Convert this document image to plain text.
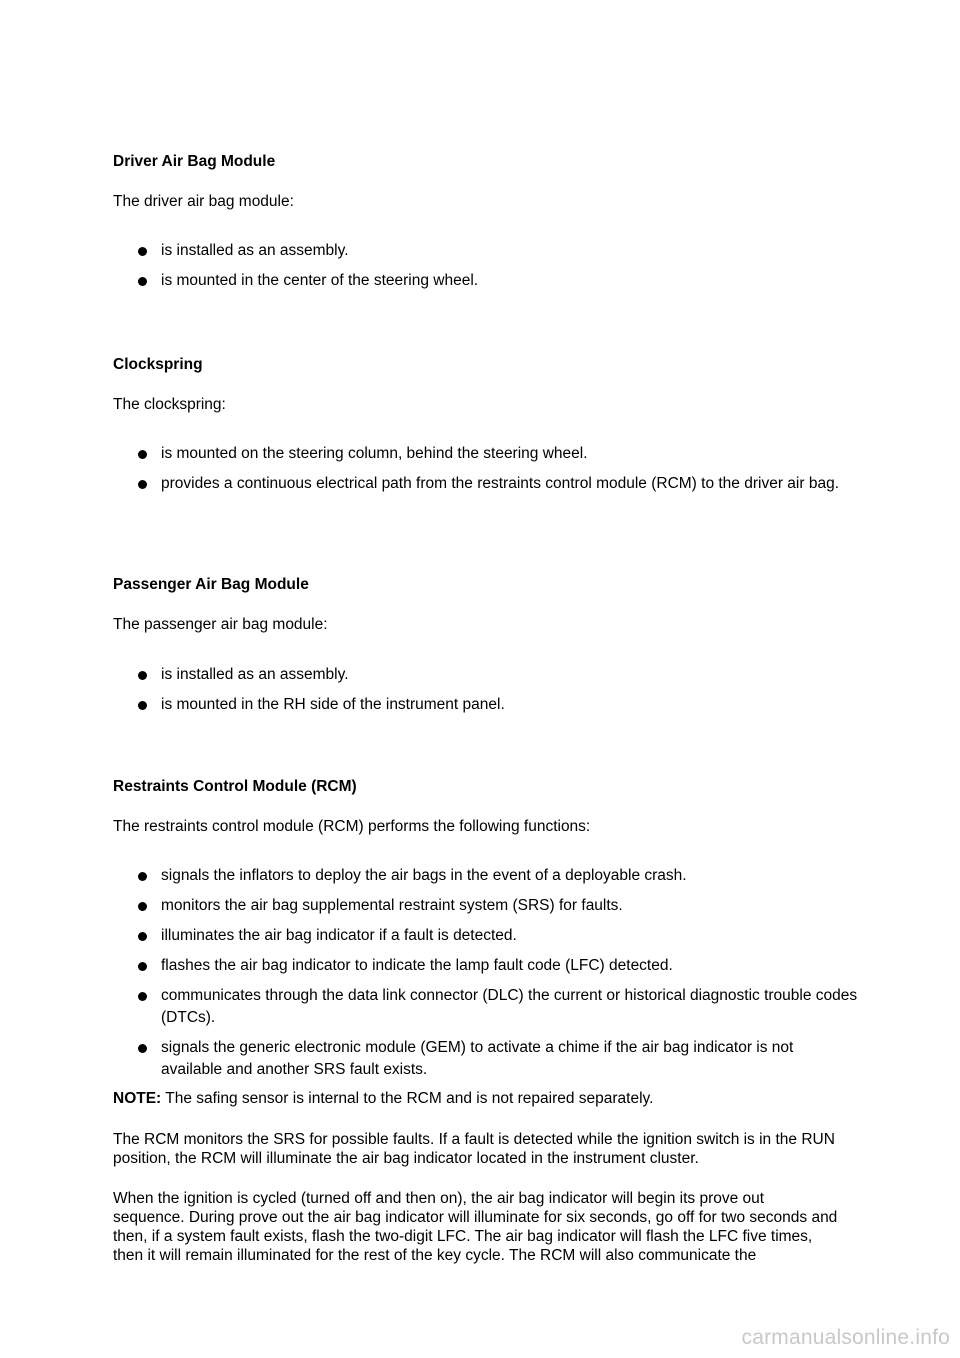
Driver Air Bag Module
The driver air bag module:
is installed as an assembly.
is mounted in the center of the steering wheel.
Clockspring
The clockspring:
is mounted on the steering column, behind the steering wheel.
provides a continuous electrical path from the restraints control module (RCM) to the driver air bag.
Passenger Air Bag Module
The passenger air bag module:
is installed as an assembly.
is mounted in the RH side of the instrument panel.
Restraints Control Module (RCM)
The restraints control module (RCM) performs the following functions:
signals the inflators to deploy the air bags in the event of a deployable crash.
monitors the air bag supplemental restraint system (SRS) for faults.
illuminates the air bag indicator if a fault is detected.
flashes the air bag indicator to indicate the lamp fault code (LFC) detected.
communicates through the data link connector (DLC) the current or historical diagnostic trouble codes (DTCs).
signals the generic electronic module (GEM) to activate a chime if the air bag indicator is not available and another SRS fault exists.
NOTE: The safing sensor is internal to the RCM and is not repaired separately.
The RCM monitors the SRS for possible faults. If a fault is detected while the ignition switch is in the RUN position, the RCM will illuminate the air bag indicator located in the instrument cluster.
When the ignition is cycled (turned off and then on), the air bag indicator will begin its prove out sequence. During prove out the air bag indicator will illuminate for six seconds, go off for two seconds and then, if a system fault exists, flash the two-digit LFC. The air bag indicator will flash the LFC five times, then it will remain illuminated for the rest of the key cycle. The RCM will also communicate the
carmanualsonline.info
